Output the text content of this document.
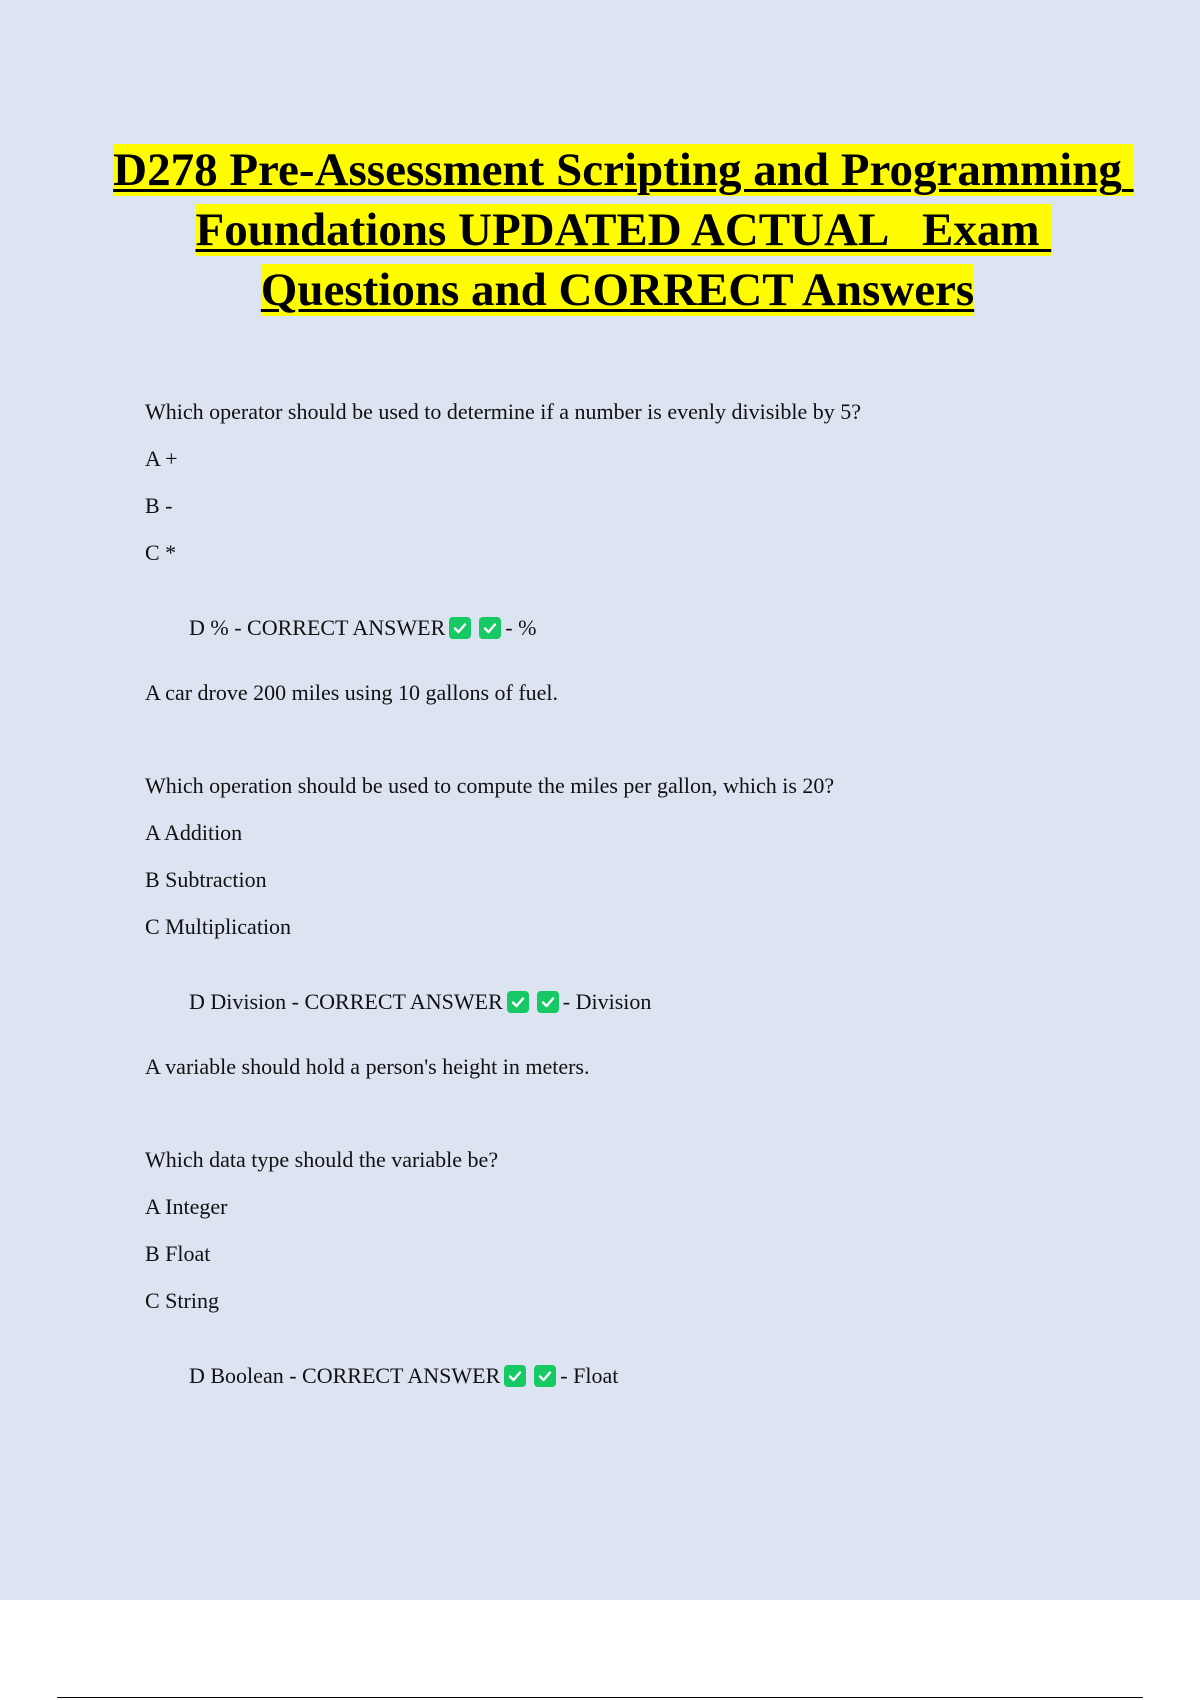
D278 Pre-Assessment Scripting and Programming Foundations UPDATED ACTUAL   Exam Questions and CORRECT Answers
Which operator should be used to determine if a number is evenly divisible by 5?
A +
B -
C *

D % - CORRECT ANSWER	- %

A car drove 200 miles using 10 gallons of fuel.
Which operation should be used to compute the miles per gallon, which is 20?
A Addition
B Subtraction
C Multiplication

D Division - CORRECT ANSWER	- Division

A variable should hold a person's height in meters.
Which data type should the variable be?
A Integer
B Float
C String

D Boolean - CORRECT ANSWER	- Float
